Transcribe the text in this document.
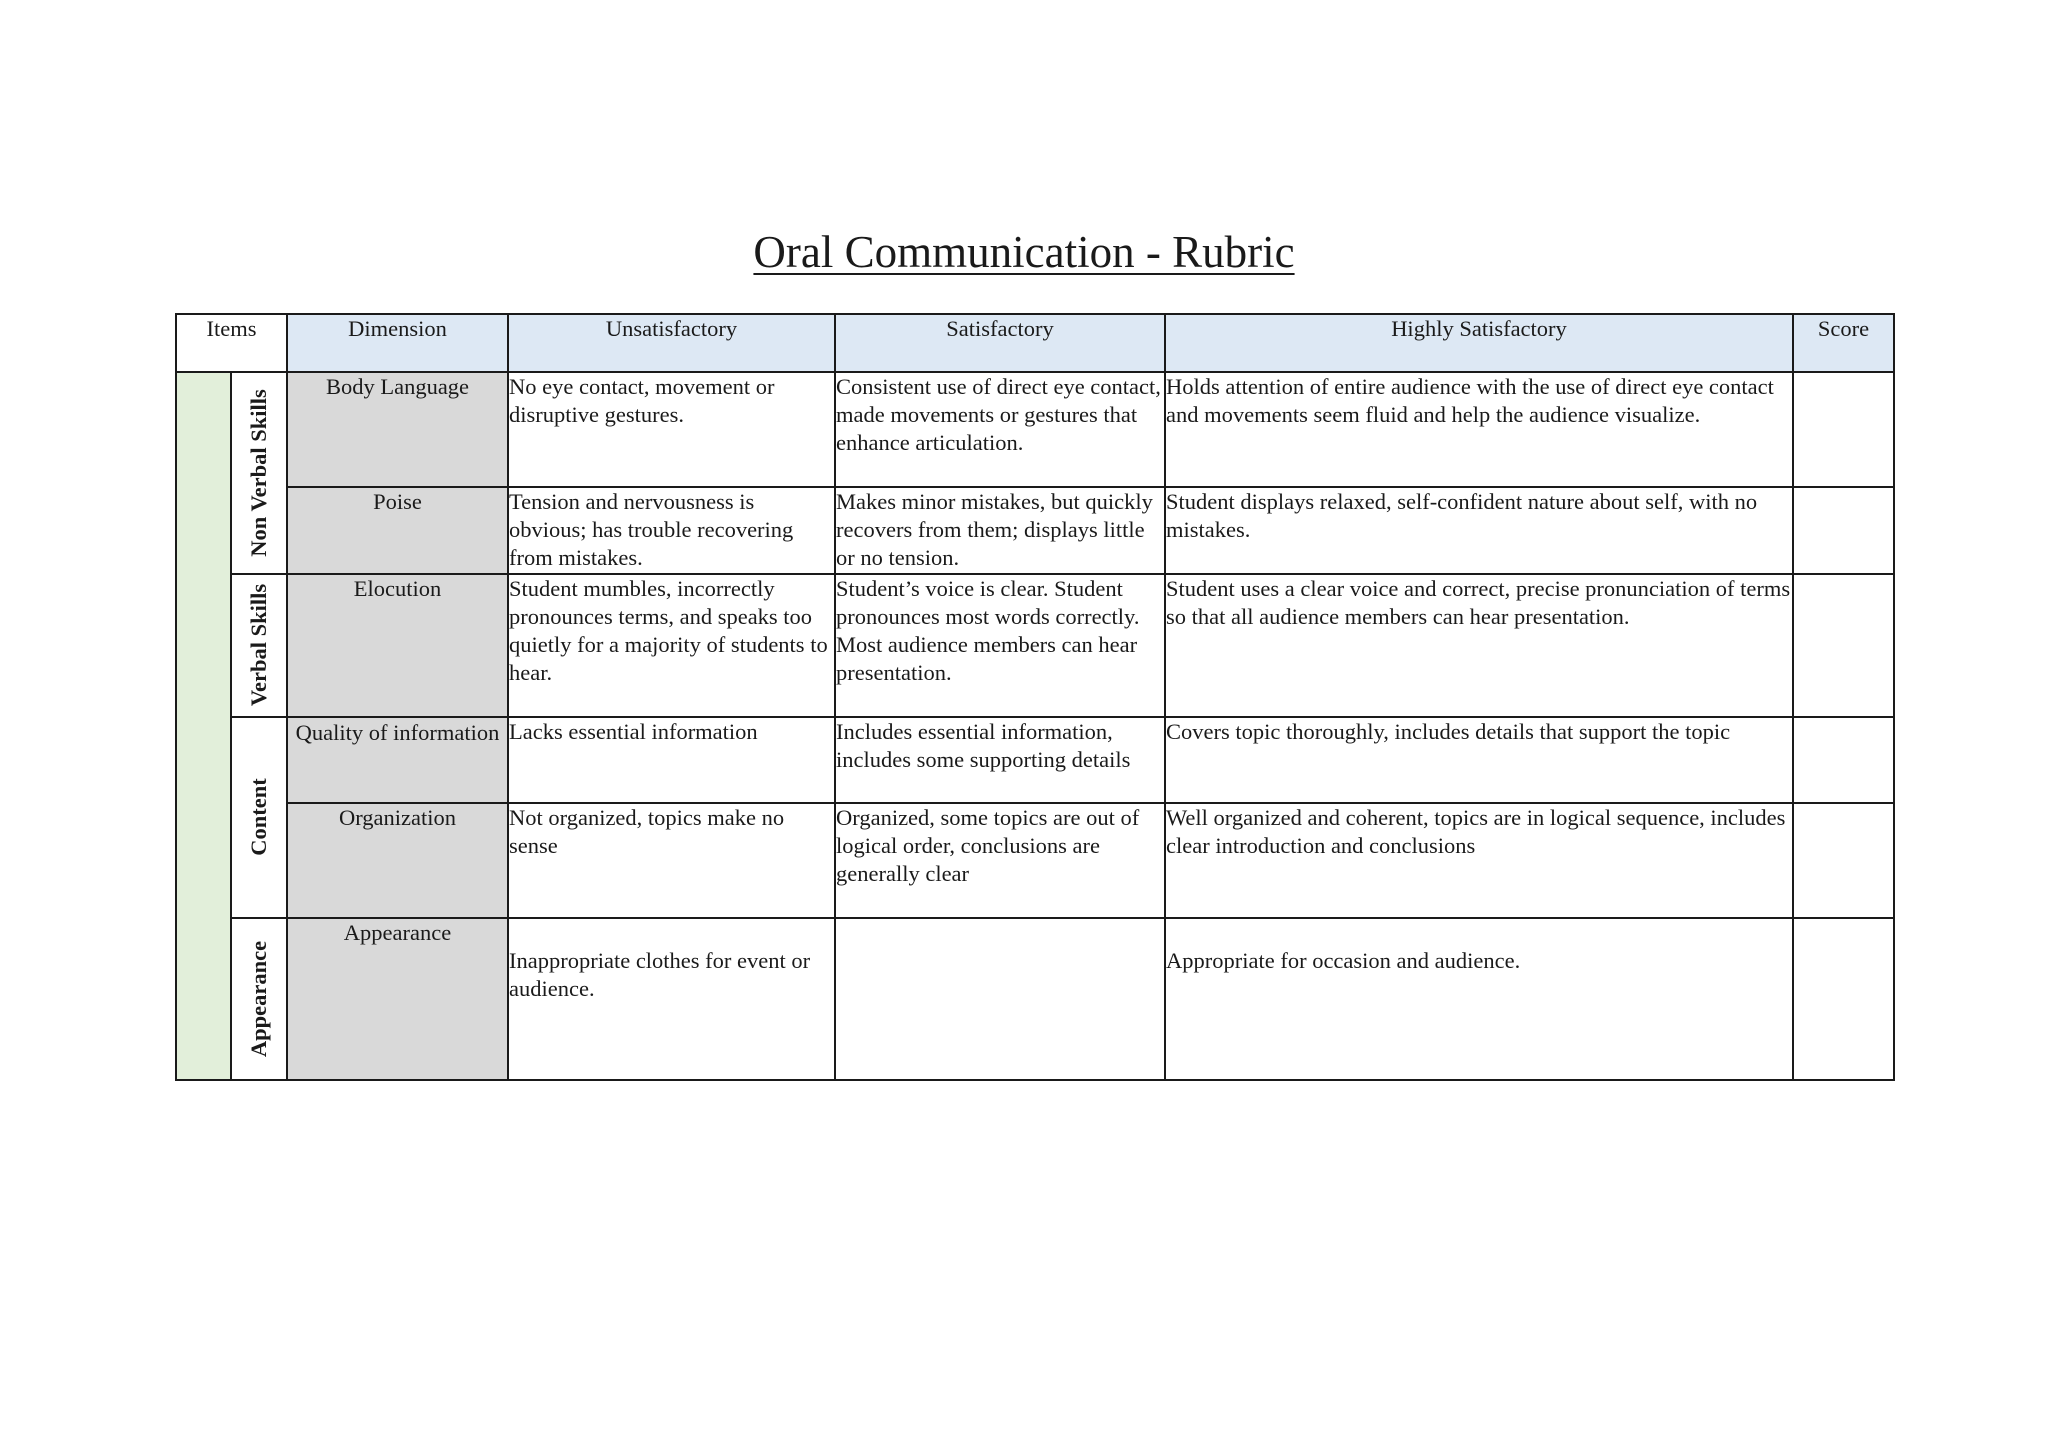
Oral Communication - Rubric
Items		Dimension	Unsatisfactory	Satisfactory	Highly Satisfactory	Score

	Non Verbal Skills	Body Language	No eye contact, movement or disruptive gestures.	Consistent use of direct eye contact, made movements or gestures that enhance articulation.	Holds attention of entire audience with the use of direct eye contact and movements seem fluid and help the audience visualize.	
		Poise	Tension and nervousness is obvious; has trouble recovering from mistakes.	Makes minor mistakes, but quickly recovers from them; displays little or no tension.	Student displays relaxed, self-confident nature about self, with no mistakes.	

	Verbal Skills	Elocution	Student mumbles, incorrectly pronounces terms, and speaks too quietly for a majority of students to hear.	Student’s voice is clear. Student pronounces most words correctly. Most audience members can hear presentation.	Student uses a clear voice and correct, precise pronunciation of terms so that all audience members can hear presentation.	

	Content	Quality of information	Lacks essential information	Includes essential information, includes some supporting details	Covers topic thoroughly, includes details that support the topic	
		Organization	Not organized, topics make no sense	Organized, some topics are out of logical order, conclusions are generally clear	Well organized and coherent, topics are in logical sequence, includes clear introduction and conclusions	

	Appearance	Appearance	Inappropriate clothes for event or audience.		Appropriate for occasion and audience.	
